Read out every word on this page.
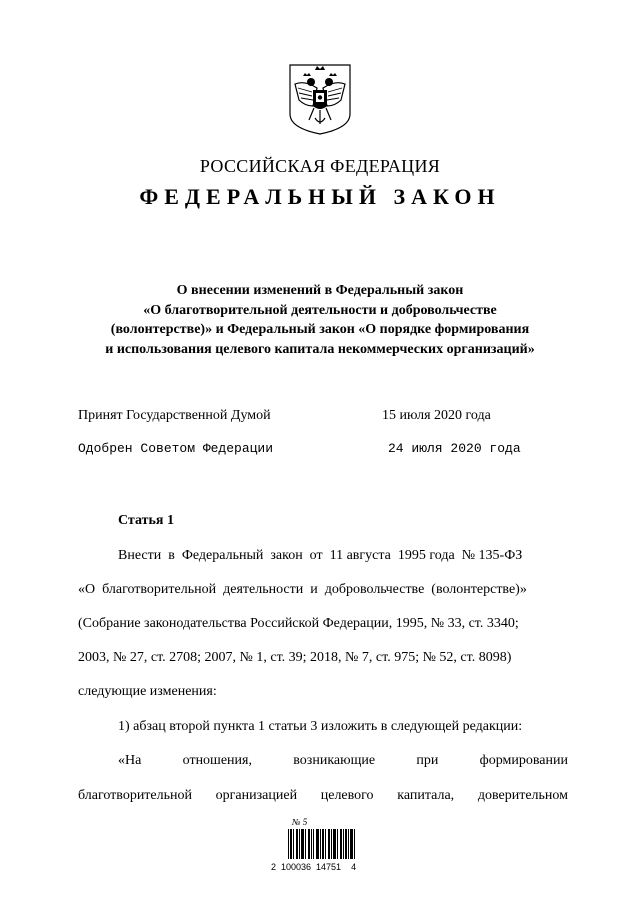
РОССИЙСКАЯ ФЕДЕРАЦИЯ
ФЕДЕРАЛЬНЫЙ ЗАКОН
О внесении изменений в Федеральный закон
«О благотворительной деятельности и добровольчестве
(волонтерстве)» и Федеральный закон «О порядке формирования
и использования целевого капитала некоммерческих организаций»
Принят Государственной Думой	15 июля 2020 года
Одобрен Советом Федерации	24 июля 2020 года
Статья 1
Внести  в  Федеральный  закон  от  11 августа  1995 года  № 135-ФЗ
«О  благотворительной  деятельности  и  добровольчестве  (волонтерстве)»
(Собрание законодательства Российской Федерации, 1995, № 33, ст. 3340;
2003, № 27, ст. 2708; 2007, № 1, ст. 39; 2018, № 7, ст. 975; № 52, ст. 8098)
следующие изменения:
1) абзац второй пункта 1 статьи 3 изложить в следующей редакции:
«На отношения, возникающие при формировании
благотворительной организацией целевого капитала, доверительном
№ 5
2  100036  14751    4
